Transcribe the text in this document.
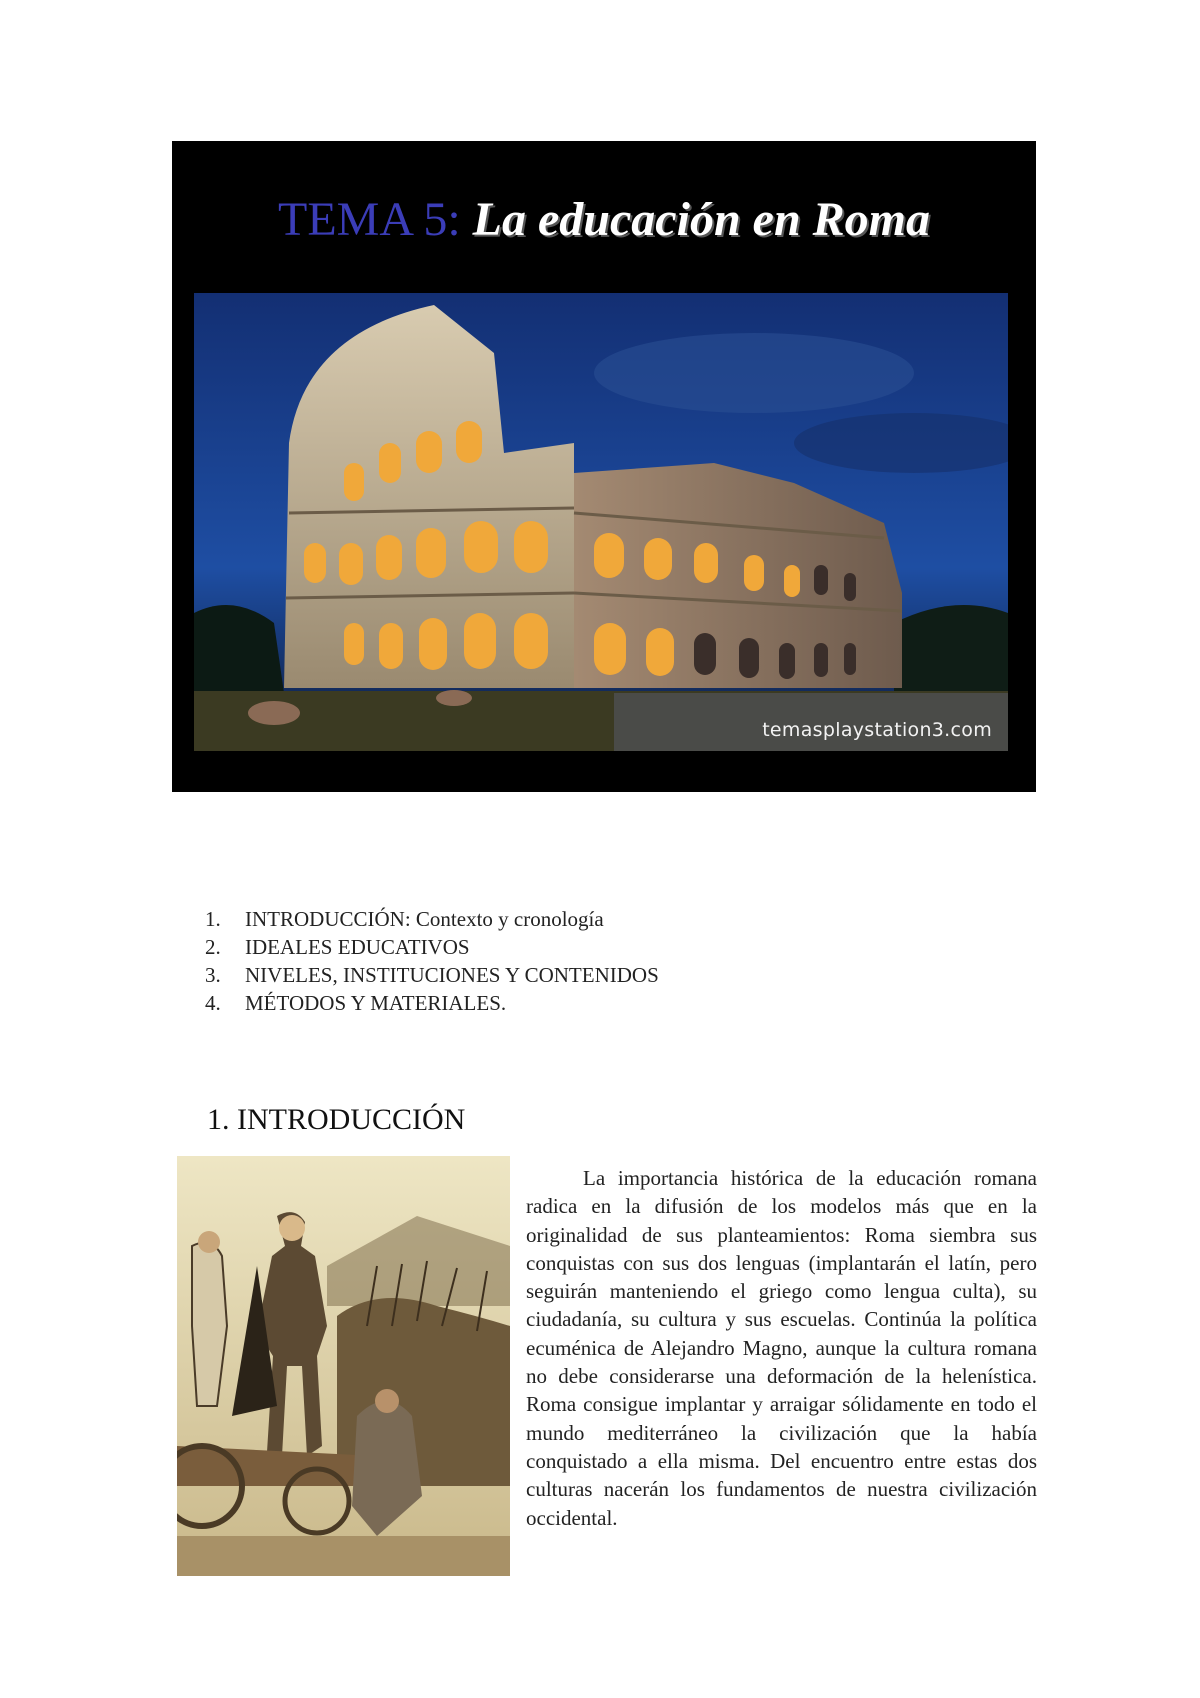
TEMA 5: La educación en Roma
temasplaystation3.com
1.	INTRODUCCIÓN: Contexto y cronología
2.	IDEALES EDUCATIVOS
3.	NIVELES, INSTITUCIONES Y CONTENIDOS
4.	MÉTODOS Y MATERIALES.
1. INTRODUCCIÓN

La importancia histórica de la educación romana radica en la difusión de los modelos más que en la originalidad de sus planteamientos: Roma siembra sus conquistas con sus dos lenguas (implantarán el latín, pero seguirán manteniendo el griego como lengua culta), su ciudadanía, su cultura y sus escuelas. Continúa la política ecuménica de Alejandro Magno, aunque la cultura romana no debe considerarse una deformación de la helenística. Roma consigue implantar y arraigar sólidamente en todo el mundo mediterráneo la civilización que la había conquistado a ella misma. Del encuentro entre estas dos culturas nacerán los fundamentos de nuestra civilización occidental.
